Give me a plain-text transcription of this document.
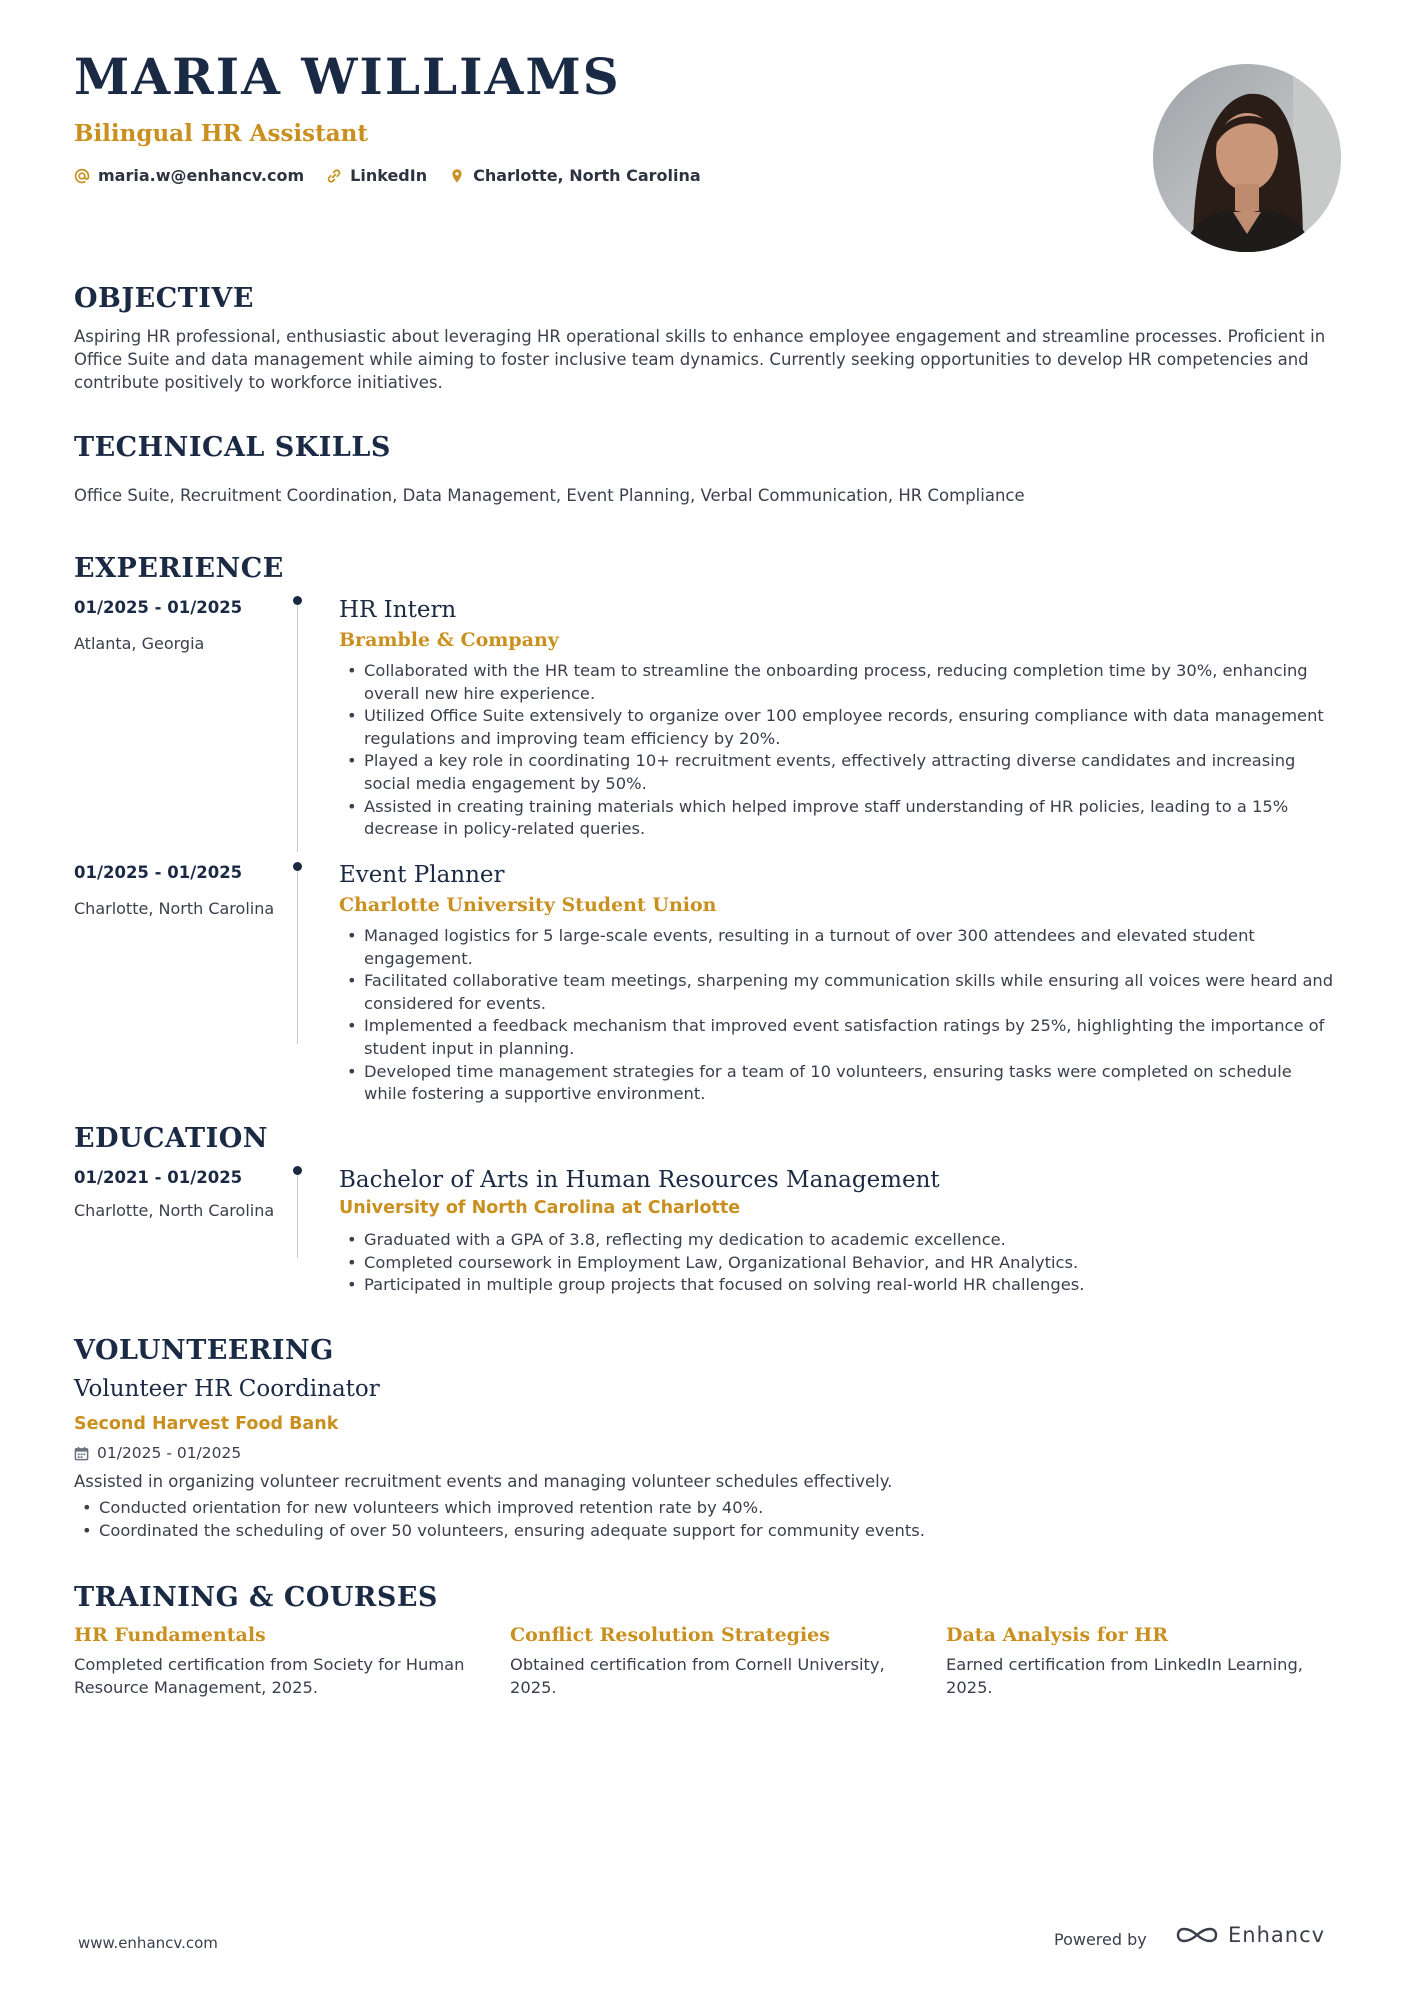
MARIA WILLIAMS
Bilingual HR Assistant
maria.w@enhancv.com	LinkedIn	Charlotte, North Carolina
OBJECTIVE
Aspiring HR professional, enthusiastic about leveraging HR operational skills to enhance employee engagement and streamline processes. Proficient in Office Suite and data management while aiming to foster inclusive team dynamics. Currently seeking opportunities to develop HR competencies and contribute positively to workforce initiatives.
TECHNICAL SKILLS
Office Suite, Recruitment Coordination, Data Management, Event Planning, Verbal Communication, HR Compliance
EXPERIENCE
01/2025 - 01/2025
Atlanta, Georgia
HR Intern
Bramble & Company
• Collaborated with the HR team to streamline the onboarding process, reducing completion time by 30%, enhancing overall new hire experience.
• Utilized Office Suite extensively to organize over 100 employee records, ensuring compliance with data management regulations and improving team efficiency by 20%.
• Played a key role in coordinating 10+ recruitment events, effectively attracting diverse candidates and increasing social media engagement by 50%.
• Assisted in creating training materials which helped improve staff understanding of HR policies, leading to a 15% decrease in policy-related queries.
01/2025 - 01/2025
Charlotte, North Carolina
Event Planner
Charlotte University Student Union
• Managed logistics for 5 large-scale events, resulting in a turnout of over 300 attendees and elevated student engagement.
• Facilitated collaborative team meetings, sharpening my communication skills while ensuring all voices were heard and considered for events.
• Implemented a feedback mechanism that improved event satisfaction ratings by 25%, highlighting the importance of student input in planning.
• Developed time management strategies for a team of 10 volunteers, ensuring tasks were completed on schedule while fostering a supportive environment.
EDUCATION
01/2021 - 01/2025
Charlotte, North Carolina
Bachelor of Arts in Human Resources Management
University of North Carolina at Charlotte
• Graduated with a GPA of 3.8, reflecting my dedication to academic excellence.
• Completed coursework in Employment Law, Organizational Behavior, and HR Analytics.
• Participated in multiple group projects that focused on solving real-world HR challenges.
VOLUNTEERING
Volunteer HR Coordinator
Second Harvest Food Bank
01/2025 - 01/2025
Assisted in organizing volunteer recruitment events and managing volunteer schedules effectively.
• Conducted orientation for new volunteers which improved retention rate by 40%.
• Coordinated the scheduling of over 50 volunteers, ensuring adequate support for community events.
TRAINING & COURSES
HR Fundamentals
Completed certification from Society for Human Resource Management, 2025.
Conflict Resolution Strategies
Obtained certification from Cornell University, 2025.
Data Analysis for HR
Earned certification from LinkedIn Learning, 2025.
www.enhancv.com	Powered by	Enhancv
